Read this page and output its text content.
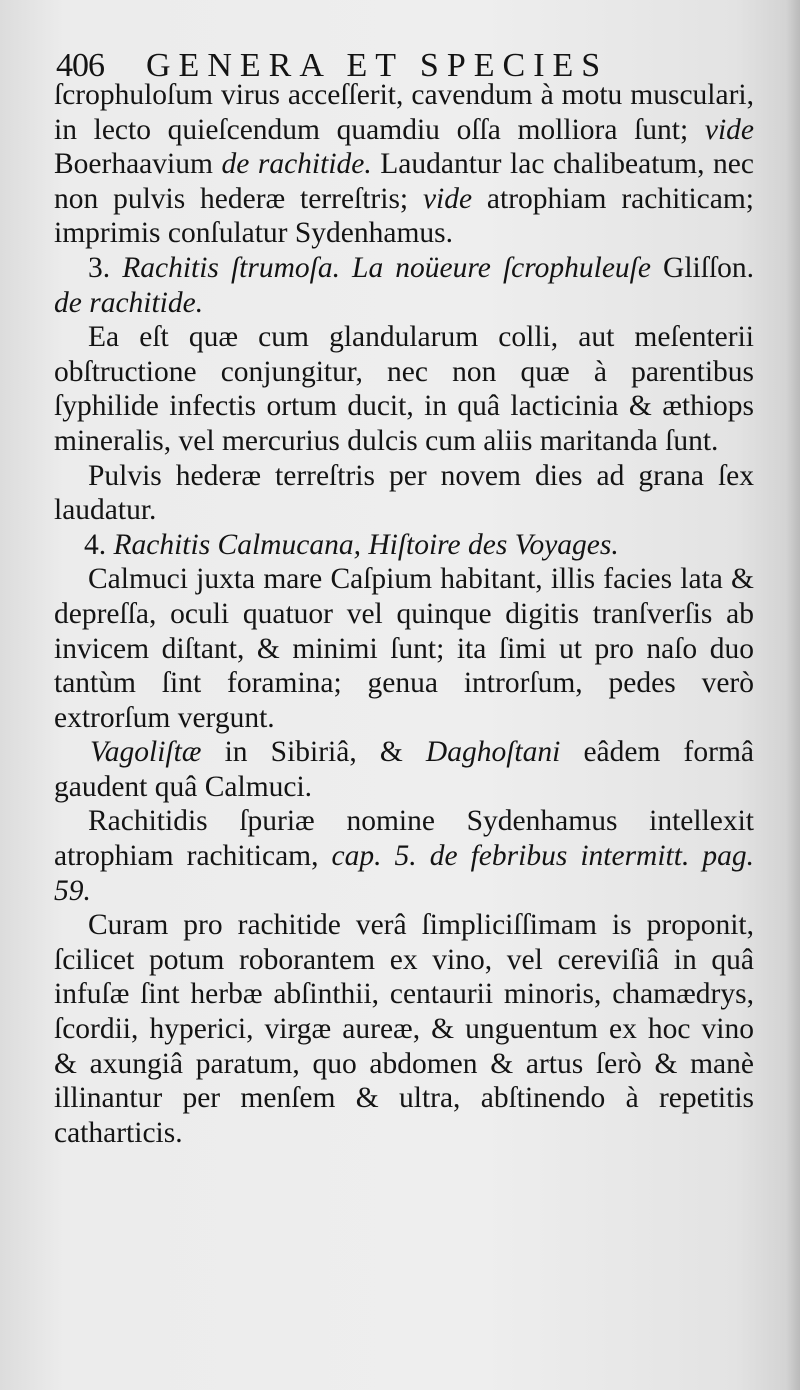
406 GENERA ET SPECIES

ſcrophuloſum virus acceſſerit, cavendum à motu musculari, in lecto quieſcendum quamdiu oſſa molliora ſunt; vide Boerhaavium de rachitide. Laudantur lac chalibeatum, nec non pulvis hederæ terreſtris; vide atrophiam rachiticam; imprimis conſulatur Sydenhamus.

3. Rachitis ſtrumoſa. La noüeure ſcrophuleuſe Gliſſon. de rachitide.

Ea eſt quæ cum glandularum colli, aut meſenterii obſtructione conjungitur, nec non quæ à parentibus ſyphilide infectis ortum ducit, in quâ lacticinia & æthiops mineralis, vel mercurius dulcis cum aliis maritanda ſunt.

Pulvis hederæ terreſtris per novem dies ad grana ſex laudatur.

4. Rachitis Calmucana, Hiſtoire des Voyages.

Calmuci juxta mare Caſpium habitant, illis facies lata & depreſſa, oculi quatuor vel quinque digitis tranſverſis ab invicem diſtant, & minimi ſunt; ita ſimi ut pro naſo duo tantùm ſint foramina; genua introrſum, pedes verò extrorſum vergunt.

Vagoliſtæ in Sibiriâ, & Daghoſtani eâdem formâ gaudent quâ Calmuci.

Rachitidis ſpuriæ nomine Sydenhamus intellexit atrophiam rachiticam, cap. 5. de febribus intermitt. pag. 59.

Curam pro rachitide verâ ſimpliciſſimam is proponit, ſcilicet potum roborantem ex vino, vel cereviſiâ in quâ infuſæ ſint herbæ abſinthii, centaurii minoris, chamædrys, ſcordii, hyperici, virgæ aureæ, & unguentum ex hoc vino & axungiâ paratum, quo abdomen & artus ſerò & manè illinantur per menſem & ultra, abſtinendo à repetitis catharticis.
